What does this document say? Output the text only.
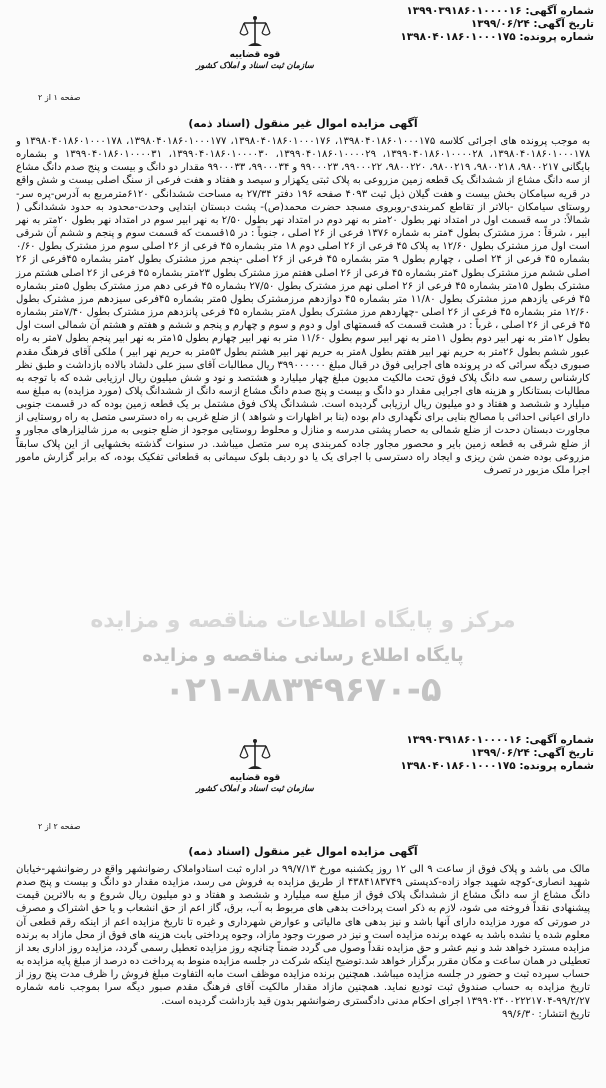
شماره آگهی: ۱۳۹۹۰۳۹۱۸۶۰۱۰۰۰۰۱۶
تاریخ آگهی: ۱۳۹۹/۰۶/۲۴
شماره پرونده: ۱۳۹۸۰۴۰۱۸۶۰۱۰۰۰۱۷۵
قوه قضاییه
سازمان ثبت اسناد و املاک کشور
صفحه ۱ از ۲
آگهی مزایده اموال غیر منقول (اسناد ذمه)

به موجب پرونده های اجرائی کلاسه ۱۳۹۸۰۴۰۱۸۶۰۱۰۰۰۱۷۵، ۱۳۹۸۰۴۰۱۸۶۰۱۰۰۰۱۷۶، ۱۳۹۸۰۴۰۱۸۶۰۱۰۰۰۱۷۷، ۱۳۹۸۰۴۰۱۸۶۰۱۰۰۰۱۷۸ و ۱۳۹۸۰۴۰۱۸۶۰۱۰۰۰۱۷۸، ۱۳۹۹۰۴۰۱۸۶۰۱۰۰۰۰۲۸، ۱۳۹۹۰۴۰۱۸۶۰۱۰۰۰۰۲۹، ۱۳۹۹۰۴۰۱۸۶۰۱۰۰۰۰۳۰، ۱۳۹۹۰۴۰۱۸۶۰۱۰۰۰۰۳۱ و بشماره بایگانی ۹۸۰۰۲۱۷، ۹۸۰۰۲۱۸، ۹۸۰۰۲۱۹، ۹۸۰۰۲۲۰، ۹۹۰۰۰۲۲، ۹۹۰۰۰۲۳ و ۹۹۰۰۰۳۴، ۹۹۰۰۰۳۳ مقدار دو دانگ و بیست و پنج صدم دانگ مشاع از سه دانگ مشاع از ششدانگ یک قطعه زمین مزروعی به پلاک ثبتی یکهزار و سیصد و هفتاد و هفت فرعی از سنگ اصلی بیست و شش واقع در قریه سیامکان بخش بیست و هفت گیلان ذیل ثبت ۴۰۹۳ صفحه ۱۹۶ دفتر ۲۷/۳۴ به مساحت ششدانگی ۶۱۲۰مترمربع به آدرس-پره سر- روستای سیامکان -بالاتر از تقاطع کمربندی-روبروی مسجد حضرت محمد(ص)- پشت دبستان ابتدایی وحدت-محدود به حدود ششدانگی ( شمالاً: در سه قسمت اول در امتداد نهر بطول ۲۰متر به نهر دوم در امتداد نهر بطول ۲/۵۰ به نهر ابیر سوم در امتداد نهر بطول ۲۰متر به نهر ابیر ، شرقاً : مرز مشترک بطول ۴متر به شماره ۱۳۷۶ فرعی از ۲۶ اصلی ، جنوباً : در ۱۵قسمت که قسمت سوم و پنجم و ششم آن شرقی است اول مرز مشترک بطول ۱۲/۶۰ به پلاک ۴۵ فرعی از ۲۶ اصلی دوم ۱۸ متر بشماره ۴۵ فرعی از ۲۶ اصلی سوم مرز مشترک بطول ۰/۶۰ بشماره ۴۵ فرعی از ۲۴ اصلی ، چهارم بطول ۹ متر بشماره ۴۵ فرعی از ۲۶ اصلی -پنجم مرز مشترک بطول ۲متر بشماره ۴۵فرعی از ۲۶ اصلی ششم مرز مشترک بطول ۴متر بشماره ۴۵ فرعی از ۲۶ اصلی هفتم مرز مشترک بطول ۲۳متر بشماره ۴۵ فرعی از ۲۶ اصلی هشتم مرز مشترک بطول ۱۵متر بشماره ۴۵ فرعی از ۲۶ اصلی نهم مرز مشترک بطول ۲۷/۵۰ بشماره ۴۵ فرعی دهم مرز مشترک بطول ۵متر بشماره ۴۵ فرعی یازدهم مرز مشترک بطول ۱۱/۸۰ متر بشماره ۴۵ دوازدهم مرزمشترک بطول ۵متر بشماره ۴۵فرعی سیزدهم مرز مشترک بطول ۱۲/۶۰ متر بشماره ۴۵ فرعی از ۲۶ اصلی -چهاردهم مرز مشترک بطول ۸متر بشماره ۴۵ فرعی پانزدهم مرز مشترک بطول ۷/۴۰متر بشماره ۴۵ فرعی از ۲۶ اصلی ، غرباً : در هشت قسمت که قسمتهای اول و دوم و سوم و چهارم و پنجم و ششم و هفتم و هشتم آن شمالی است اول بطول ۱۲متر به نهر ابیر دوم بطول ۱۱متر به نهر ابیر سوم بطول ۱۱/۶۰ متر به نهر ابیر چهارم بطول ۱۵متر به نهر ابیر پنجم بطول ۷متر به راه عبور ششم بطول ۲۶متر به حریم نهر ابیر هفتم بطول ۸متر به حریم نهر ابیر هشتم بطول ۵۳متر به حریم نهر ابیر ) ملکی آقای فرهنگ مقدم صبوری دیگه سرائی که در پرونده های اجرایی فوق در قبال مبلغ ۳۹۹۰۰۰۰۰۰ ریال مطالبات آقای سبز علی دلشاد بالاده بازداشت و طبق نظر کارشناس رسمی سه دانگ پلاک فوق تحت مالکیت مدیون مبلغ چهار میلیارد و هشتصد و نود و شش میلیون ریال ارزیابی شده که با توجه به مطالبات بستانکار و هزینه های اجرایی مقدار دو دانگ و بیست و پنج صدم دانگ مشاع ازسه دانگ از ششدانگ پلاک (مورد مزایده) به مبلغ سه میلیارد و ششصد و هفتاد و دو میلیون ریال ارزیابی گردیده است. ششدانگ پلاک فوق مشتمل بر یک قطعه زمین بوده که در قسمت جنوبی دارای اعیانی احداثی با مصالح بنایی برای نگهداری دام بوده (بنا بر اظهارات و شواهد ) از ضلع غربی به راه دسترسی متصل به راه روستایی از مجاورت دبستان دحدت از ضلع شمالی به حصار پشتی مدرسه و منازل و محلوط روستایی موجود از ضلع جنوبی به مرز شالیزارهای مجاور و از ضلع شرقی به قطعه زمین بایر و محصور مجاور جاده کمربندی پره سر متصل میباشد. در سنوات گذشته بخشهایی از این پلاک سابقاً مزروعی بوده ضمن شن ریزی و ایجاد راه دسترسی با اجرای یک یا دو ردیف بلوک سیمانی به قطعاتی تفکیک بوده، که برابر گزارش مامور اجرا ملک مزبور در تصرف

مرکز و پایگاه اطلاعات مناقصه و مزایده
پایگاه اطلاع رسانی مناقصه و مزایده
۰۲۱-۸۸۳۴۹۶۷۰-۵
شماره آگهی: ۱۳۹۹۰۳۹۱۸۶۰۱۰۰۰۰۱۶
تاریخ آگهی: ۱۳۹۹/۰۶/۲۴
شماره پرونده: ۱۳۹۸۰۴۰۱۸۶۰۱۰۰۰۱۷۵
قوه قضاییه
سازمان ثبت اسناد و املاک کشور
صفحه ۲ از ۲
آگهی مزایده اموال غیر منقول (اسناد ذمه)

مالک می باشد و پلاک فوق از ساعت ۹ الی ۱۲ روز یکشنبه مورخ ۹۹/۷/۱۳ در اداره ثبت اسنادواملاک رضوانشهر واقع در رضوانشهر-خیابان شهید انصاری-کوچه شهید جواد زاده-کدپستی ۴۳۸۴۱۸۳۷۴۹ از طریق مزایده به فروش می رسد، مزایده مقدار دو دانگ و بیست و پنج صدم دانگ مشاع از سه دانگ مشاع از ششدانگ پلاک فوق از مبلغ سه میلیارد و ششصد و هفتاد و دو میلیون ریال شروع و به بالاترین قیمت پیشنهادی نقداً فروخته می شود، لازم به ذکر است پرداخت بدهی های مربوط به آب، برق، گاز اعم از حق انشعاب و یا حق اشتراک و مصرف در صورتی که مورد مزایده دارای آنها باشد و نیز بدهی های مالیاتی و عوارض شهرداری و غیره تا تاریخ مزایده اعم از اینکه رقم قطعی آن معلوم شده یا نشده باشد به عهده برنده مزایده است و نیز در صورت وجود مازاد، وجوه پرداختی بابت هزینه های فوق از محل مازاد به برنده مزایده مسترد خواهد شد و نیم عشر و حق مزایده نقداً وصول می گردد ضمناً چنانچه روز مزایده تعطیل رسمی گردد، مزایده روز اداری بعد از تعطیلی در همان ساعت و مکان مقرر برگزار خواهد شد.توضیح اینکه شرکت در جلسه مزایده منوط به پرداخت ده درصد از مبلغ پایه مزایده به حساب سپرده ثبت و حضور در جلسه مزایده میباشد. همچنین برنده مزایده موظف است مابه التفاوت مبلغ فروش را ظرف مدت پنج روز از تاریخ مزایده به حساب صندوق ثبت تودیع نماید. همچنین مازاد مقدار مالکیت آقای فرهنگ مقدم صبور دیگه سرا بموجب نامه شماره ۹۹/۲/۲۷-۱۳۹۹۰۲۴۰۰۲۲۲۱۷۰۴ اجرای احکام مدنی دادگستری رضوانشهر بدون قید بازداشت گردیده است.

تاریخ انتشار: ۹۹/۶/۳۰
